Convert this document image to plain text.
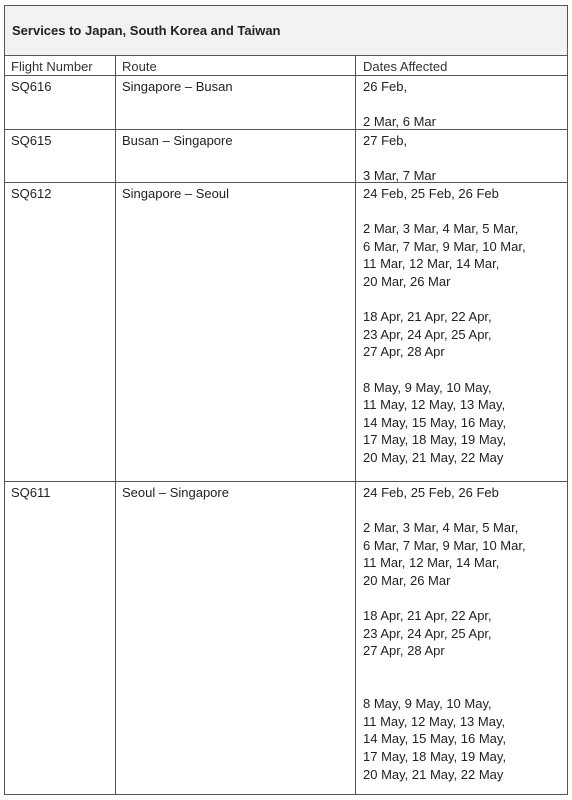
Services to Japan, South Korea and Taiwan
Flight Number	Route	Dates Affected
SQ616	Singapore – Busan	26 Feb,
2 Mar, 6 Mar
SQ615	Busan – Singapore	27 Feb,
3 Mar, 7 Mar
SQ612	Singapore – Seoul	24 Feb, 25 Feb, 26 Feb
2 Mar, 3 Mar, 4 Mar, 5 Mar,
6 Mar, 7 Mar, 9 Mar, 10 Mar,
11 Mar, 12 Mar, 14 Mar,
20 Mar, 26 Mar
18 Apr, 21 Apr, 22 Apr,
23 Apr, 24 Apr, 25 Apr,
27 Apr, 28 Apr
8 May, 9 May, 10 May,
11 May, 12 May, 13 May,
14 May, 15 May, 16 May,
17 May, 18 May, 19 May,
20 May, 21 May, 22 May
SQ611	Seoul – Singapore	24 Feb, 25 Feb, 26 Feb
2 Mar, 3 Mar, 4 Mar, 5 Mar,
6 Mar, 7 Mar, 9 Mar, 10 Mar,
11 Mar, 12 Mar, 14 Mar,
20 Mar, 26 Mar
18 Apr, 21 Apr, 22 Apr,
23 Apr, 24 Apr, 25 Apr,
27 Apr, 28 Apr
8 May, 9 May, 10 May,
11 May, 12 May, 13 May,
14 May, 15 May, 16 May,
17 May, 18 May, 19 May,
20 May, 21 May, 22 May
